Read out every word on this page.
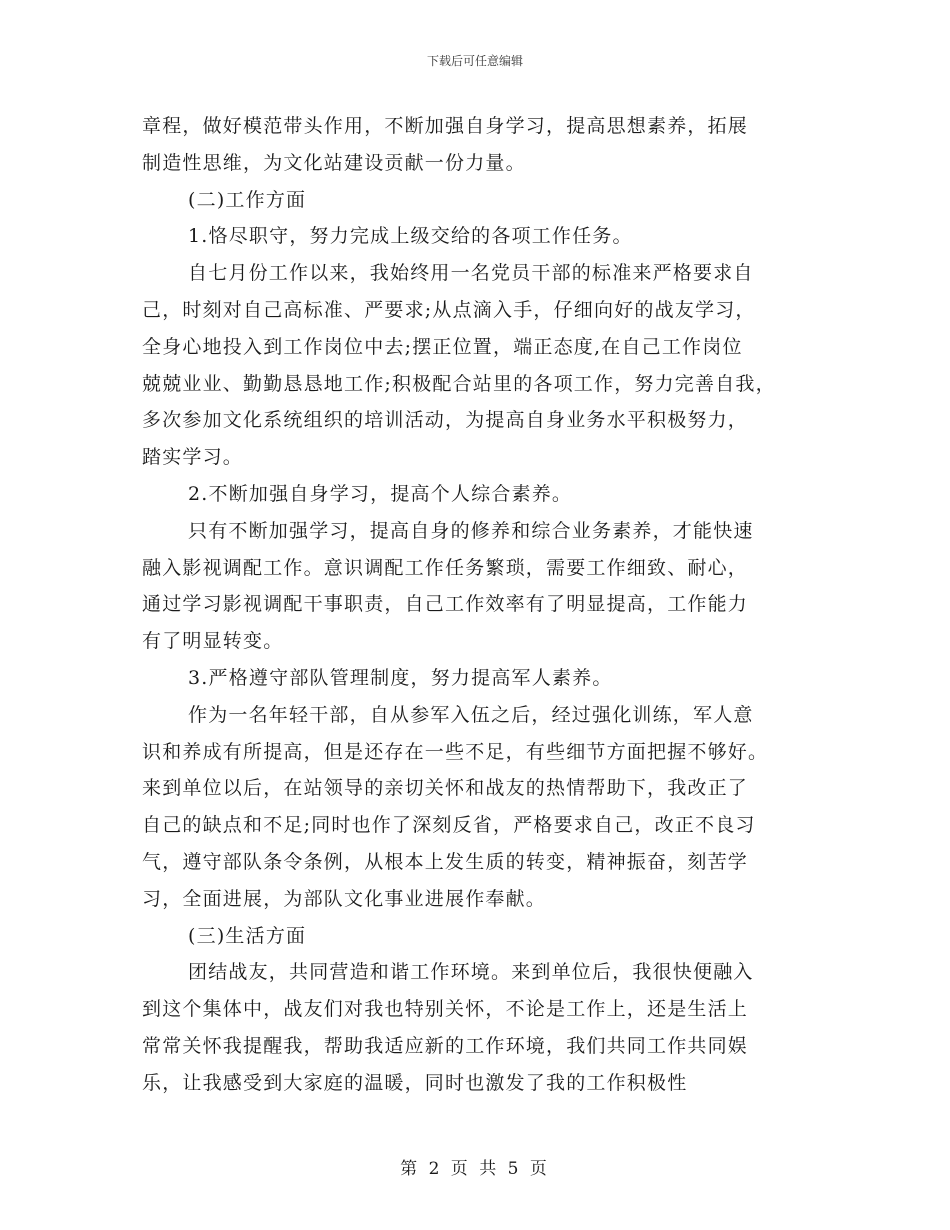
下载后可任意编辑
章程，做好模范带头作用，不断加强自身学习，提高思想素养，拓展
制造性思维，为文化站建设贡献一份力量。
(二)工作方面
1.恪尽职守，努力完成上级交给的各项工作任务。
自七月份工作以来，我始终用一名党员干部的标准来严格要求自
己，时刻对自己高标准、严要求;从点滴入手，仔细向好的战友学习，
全身心地投入到工作岗位中去;摆正位置，端正态度,在自己工作岗位
兢兢业业、勤勤恳恳地工作;积极配合站里的各项工作，努力完善自我，
多次参加文化系统组织的培训活动，为提高自身业务水平积极努力，
踏实学习。
2.不断加强自身学习，提高个人综合素养。
只有不断加强学习，提高自身的修养和综合业务素养，才能快速
融入影视调配工作。意识调配工作任务繁琐，需要工作细致、耐心，
通过学习影视调配干事职责，自己工作效率有了明显提高，工作能力
有了明显转变。
3.严格遵守部队管理制度，努力提高军人素养。
作为一名年轻干部，自从参军入伍之后，经过强化训练，军人意
识和养成有所提高，但是还存在一些不足，有些细节方面把握不够好。
来到单位以后，在站领导的亲切关怀和战友的热情帮助下，我改正了
自己的缺点和不足;同时也作了深刻反省，严格要求自己，改正不良习
气，遵守部队条令条例，从根本上发生质的转变，精神振奋，刻苦学
习，全面进展，为部队文化事业进展作奉献。
(三)生活方面
团结战友，共同营造和谐工作环境。来到单位后，我很快便融入
到这个集体中，战友们对我也特别关怀，不论是工作上，还是生活上
常常关怀我提醒我，帮助我适应新的工作环境，我们共同工作共同娱
乐，让我感受到大家庭的温暖，同时也激发了我的工作积极性
第 2 页 共 5 页
